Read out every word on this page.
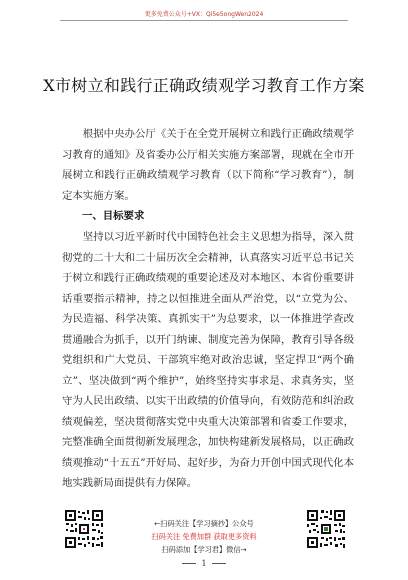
更多免费公众号+VX：Qi5e5ongWen2024
X市树立和践行正确政绩观学习教育工作方案

根据中央办公厅《关于在全党开展树立和践行正确政绩观学习教育的通知》及省委办公厅相关实施方案部署，现就在全市开展树立和践行正确政绩观学习教育（以下简称“学习教育”），制定本实施方案。

一、目标要求

坚持以习近平新时代中国特色社会主义思想为指导，深入贯彻党的二十大和二十届历次全会精神，认真落实习近平总书记关于树立和践行正确政绩观的重要论述及对本地区、本省份重要讲话重要指示精神，持之以恒推进全面从严治党，以“立党为公、为民造福、科学决策、真抓实干”为总要求，以一体推进学查改贯通融合为抓手，以开门纳谏、制度完善为保障，教育引导各级党组织和广大党员、干部筑牢绝对政治忠诚，坚定捍卫“两个确立”、坚决做到“两个维护”，始终坚持实事求是、求真务实，坚守为人民出政绩、以实干出政绩的价值导向，有效防范和纠治政绩观偏差，坚决贯彻落实党中央重大决策部署和省委工作要求，完整准确全面贯彻新发展理念，加快构建新发展格局，以正确政绩观推动“十五五”开好局、起好步，为奋力开创中国式现代化本地实践新局面提供有力保障。

←扫码关注【学习摘抄】公众号
扫码关注 免费加群 获取更多资料
扫码添加【学习君】微信→
1
